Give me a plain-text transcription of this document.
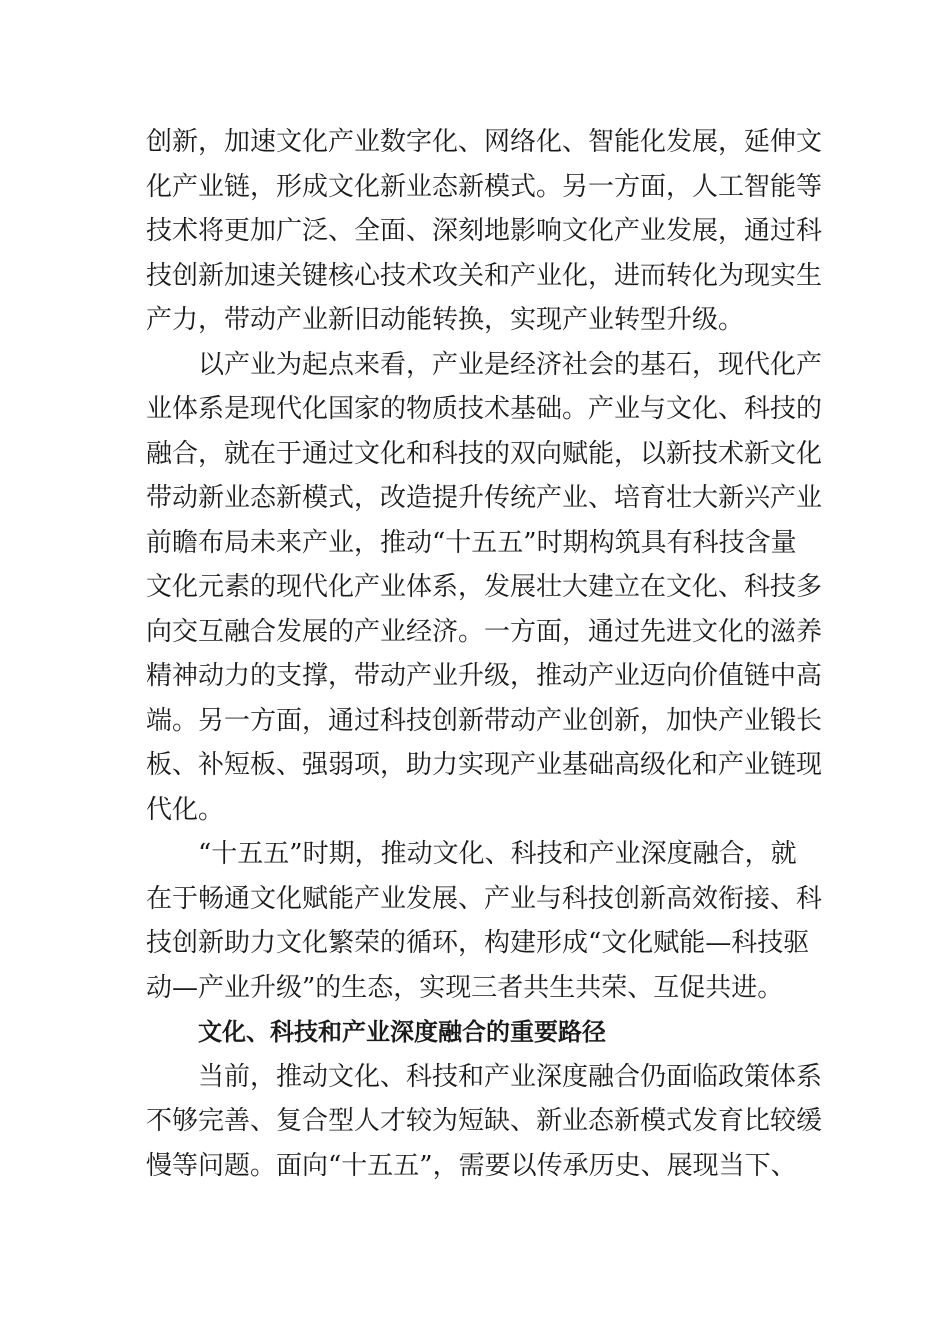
创新，加速文化产业数字化、网络化、智能化发展，延伸文
化产业链，形成文化新业态新模式。另一方面，人工智能等
技术将更加广泛、全面、深刻地影响文化产业发展，通过科
技创新加速关键核心技术攻关和产业化，进而转化为现实生
产力，带动产业新旧动能转换，实现产业转型升级。
以产业为起点来看，产业是经济社会的基石，现代化产
业体系是现代化国家的物质技术基础。产业与文化、科技的
融合，就在于通过文化和科技的双向赋能，以新技术新文化
带动新业态新模式，改造提升传统产业、培育壮大新兴产业
前瞻布局未来产业，推动“十五五”时期构筑具有科技含量
文化元素的现代化产业体系，发展壮大建立在文化、科技多
向交互融合发展的产业经济。一方面，通过先进文化的滋养
精神动力的支撑，带动产业升级，推动产业迈向价值链中高
端。另一方面，通过科技创新带动产业创新，加快产业锻长
板、补短板、强弱项，助力实现产业基础高级化和产业链现
代化。
“十五五”时期，推动文化、科技和产业深度融合，就
在于畅通文化赋能产业发展、产业与科技创新高效衔接、科
技创新助力文化繁荣的循环，构建形成“文化赋能—科技驱
动—产业升级”的生态，实现三者共生共荣、互促共进。
文化、科技和产业深度融合的重要路径
当前，推动文化、科技和产业深度融合仍面临政策体系
不够完善、复合型人才较为短缺、新业态新模式发育比较缓
慢等问题。面向“十五五”，需要以传承历史、展现当下、
